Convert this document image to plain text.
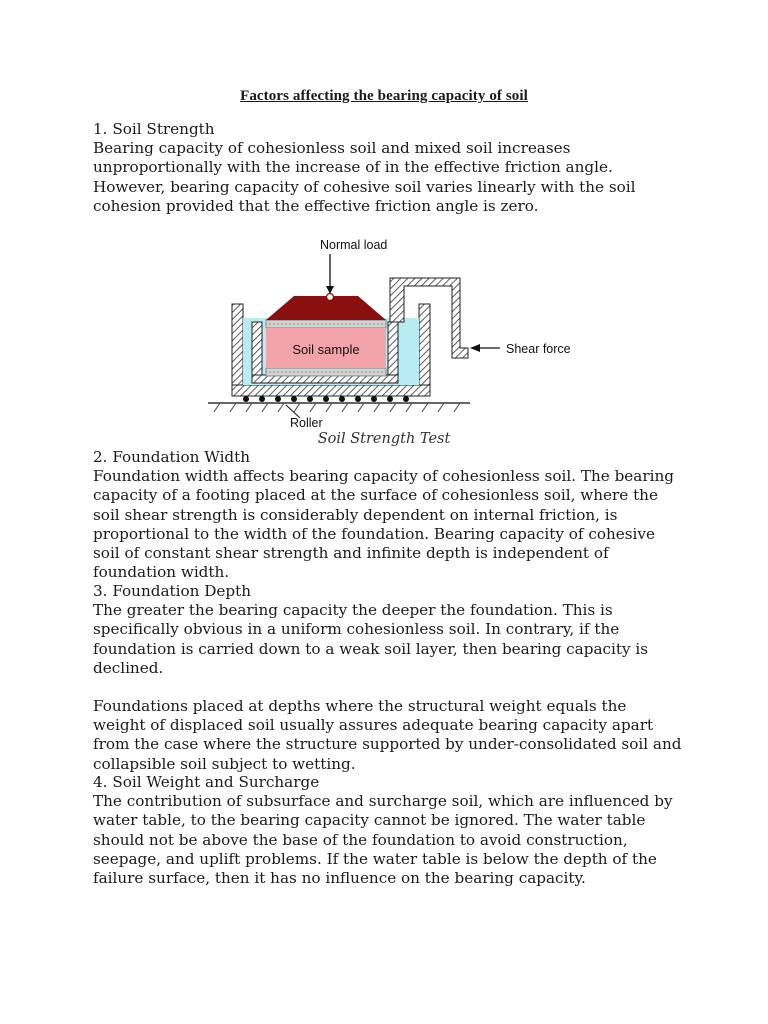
Factors affecting the bearing capacity of soil

1. Soil Strength

Bearing capacity of cohesionless soil and mixed soil increases unproportionally with the increase of in the effective friction angle. However, bearing capacity of cohesive soil varies linearly with the soil cohesion provided that the effective friction angle is zero.

Normal load
Soil sample
Roller
Shear force
Soil Strength Test

2. Foundation Width

Foundation width affects bearing capacity of cohesionless soil. The bearing capacity of a footing placed at the surface of cohesionless soil, where the soil shear strength is considerably dependent on internal friction, is proportional to the width of the foundation. Bearing capacity of cohesive soil of constant shear strength and infinite depth is independent of foundation width.

3. Foundation Depth

The greater the bearing capacity the deeper the foundation. This is specifically obvious in a uniform cohesionless soil. In contrary, if the foundation is carried down to a weak soil layer, then bearing capacity is declined.

Foundations placed at depths where the structural weight equals the weight of displaced soil usually assures adequate bearing capacity apart from the case where the structure supported by under-consolidated soil and collapsible soil subject to wetting.

4. Soil Weight and Surcharge

The contribution of subsurface and surcharge soil, which are influenced by water table, to the bearing capacity cannot be ignored. The water table should not be above the base of the foundation to avoid construction, seepage, and uplift problems. If the water table is below the depth of the failure surface, then it has no influence on the bearing capacity.
